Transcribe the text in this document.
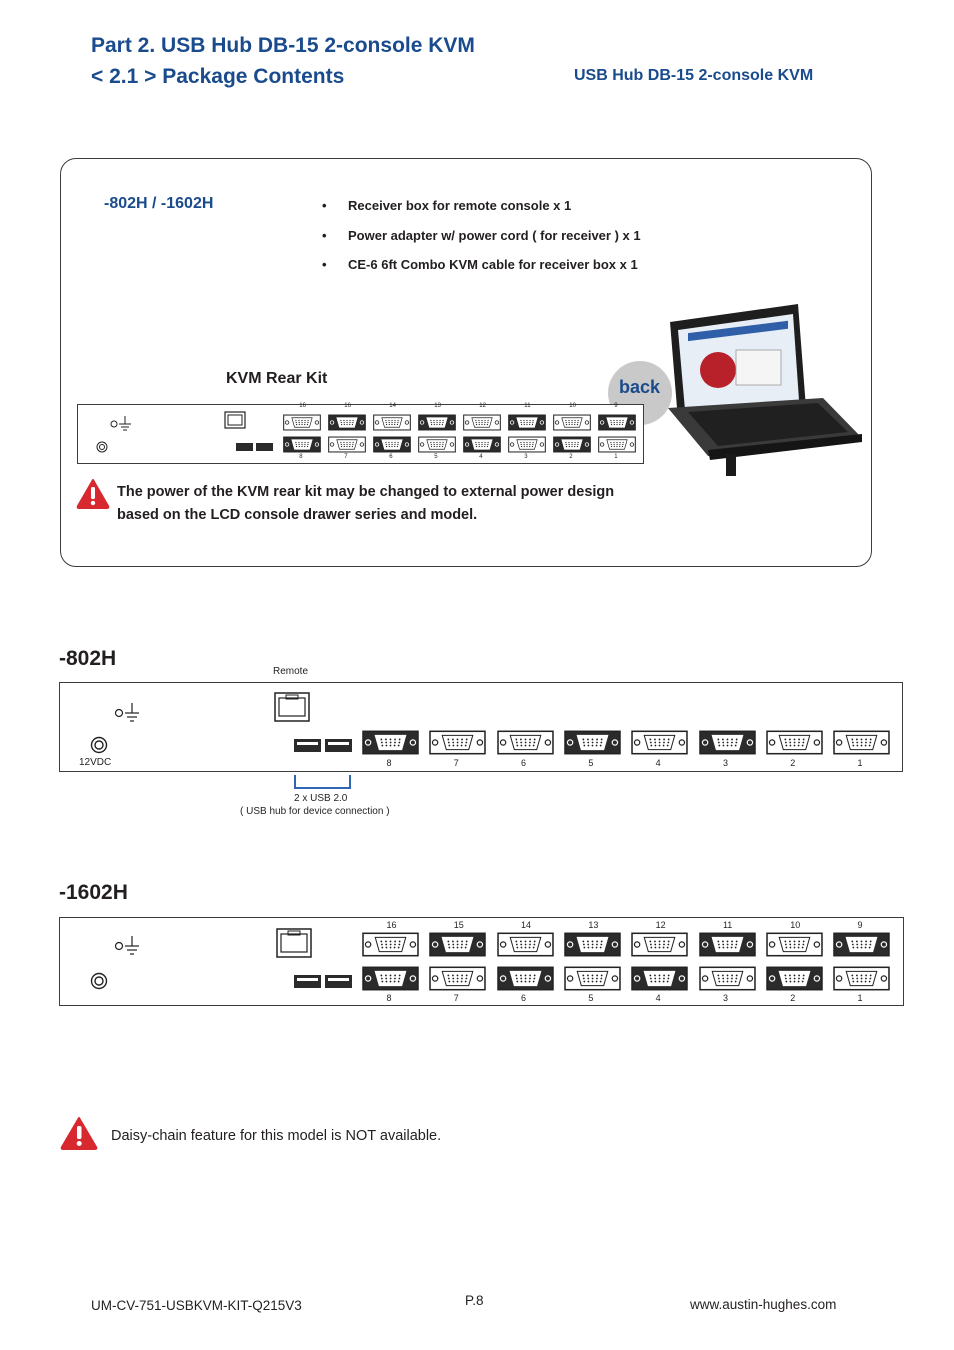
Part 2. USB Hub DB-15 2-console KVM
< 2.1 > Package Contents	USB Hub DB-15 2-console KVM
-802H / -1602H	• Receiver box for remote console x 1
• Power adapter w/ power cord ( for receiver ) x 1
• CE-6 6ft Combo KVM cable for receiver box x 1
KVM Rear Kit	back
16	16	14	13	12	11	10	9
8	7	6	5	4	3	2	1
The power of the KVM rear kit may be changed to external power design
based on the LCD console drawer series and model.
-802H
Remote
12VDC	8	7	6	5	4	3	2	1
2 x USB 2.0
( USB hub for device connection )
-1602H
16	15	14	13	12	11	10	9
8	7	6	5	4	3	2	1
Daisy-chain feature for this model is NOT available.
UM-CV-751-USBKVM-KIT-Q215V3	P.8	www.austin-hughes.com
